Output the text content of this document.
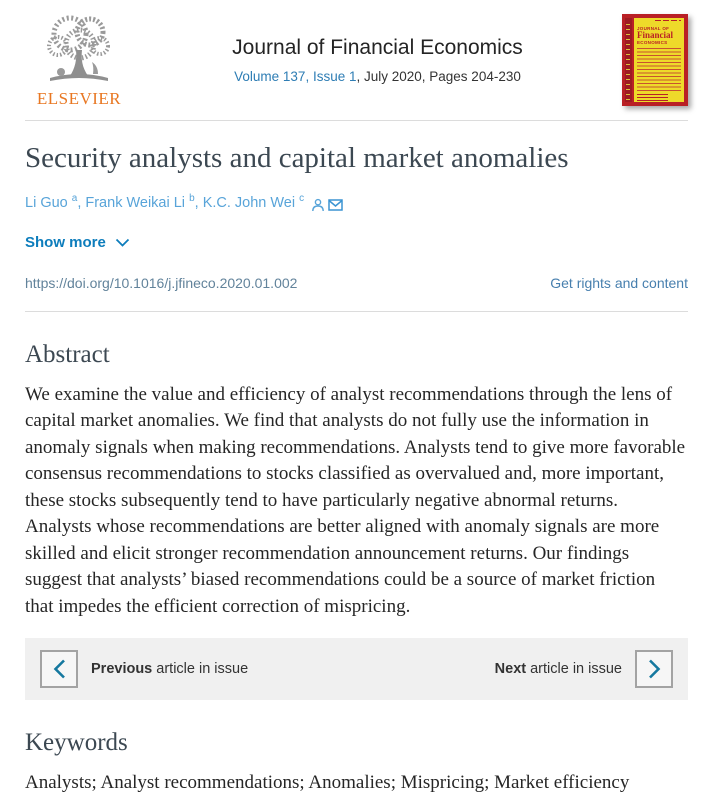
ELSEVIER
Journal of Financial Economics
Volume 137, Issue 1, July 2020, Pages 204-230
JOURNAL OF
Financial
ECONOMICS
Security analysts and capital market anomalies
Li Guo $^a$, Frank Weikai Li $^b$, K.C. John Wei $^c$
Show more
https://doi.org/10.1016/j.jfineco.2020.01.002	Get rights and content
Abstract

We examine the value and efficiency of analyst recommendations through the lens of capital market anomalies. We find that analysts do not fully use the information in anomaly signals when making recommendations. Analysts tend to give more favorable consensus recommendations to stocks classified as overvalued and, more important, these stocks subsequently tend to have particularly negative abnormal returns. Analysts whose recommendations are better aligned with anomaly signals are more skilled and elicit stronger recommendation announcement returns. Our findings suggest that analysts’ biased recommendations could be a source of market friction that impedes the efficient correction of mispricing.

Previous article in issue	Next article in issue
Keywords

Analysts; Analyst recommendations; Anomalies; Mispricing; Market efficiency
